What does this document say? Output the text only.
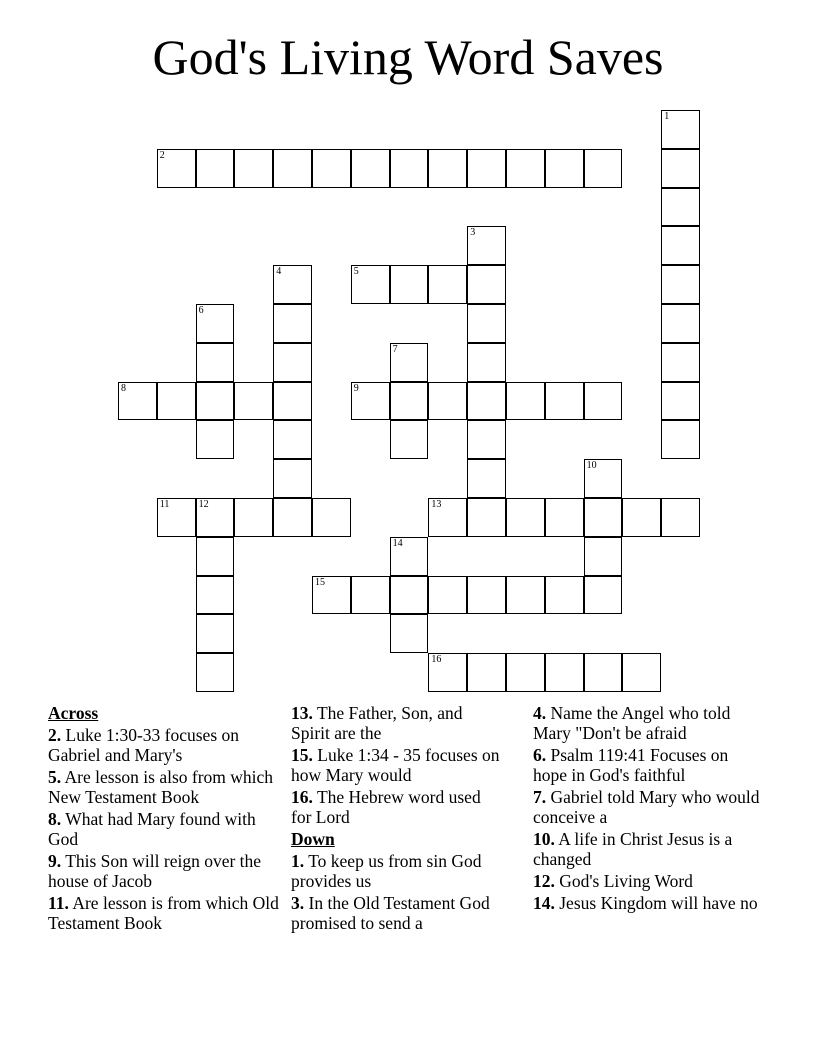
God's Living Word Saves
1
2
3
4	5
6
7
8	9
10
11	12	13
14
15
16
Across
2. Luke 1:30-33 focuses on Gabriel and Mary's
5. Are lesson is also from which New Testament Book
8. What had Mary found with God
9. This Son will reign over the house of Jacob
11. Are lesson is from which Old Testament Book
13. The Father, Son, and Spirit are the
15. Luke 1:34 - 35 focuses on how Mary would
16. The Hebrew word used for Lord
Down
1. To keep us from sin God provides us
3. In the Old Testament God promised to send a
4. Name the Angel who told Mary "Don't be afraid
6. Psalm 119:41 Focuses on hope in God's faithful
7. Gabriel told Mary who would conceive a
10. A life in Christ Jesus is a changed
12. God's Living Word
14. Jesus Kingdom will have no
